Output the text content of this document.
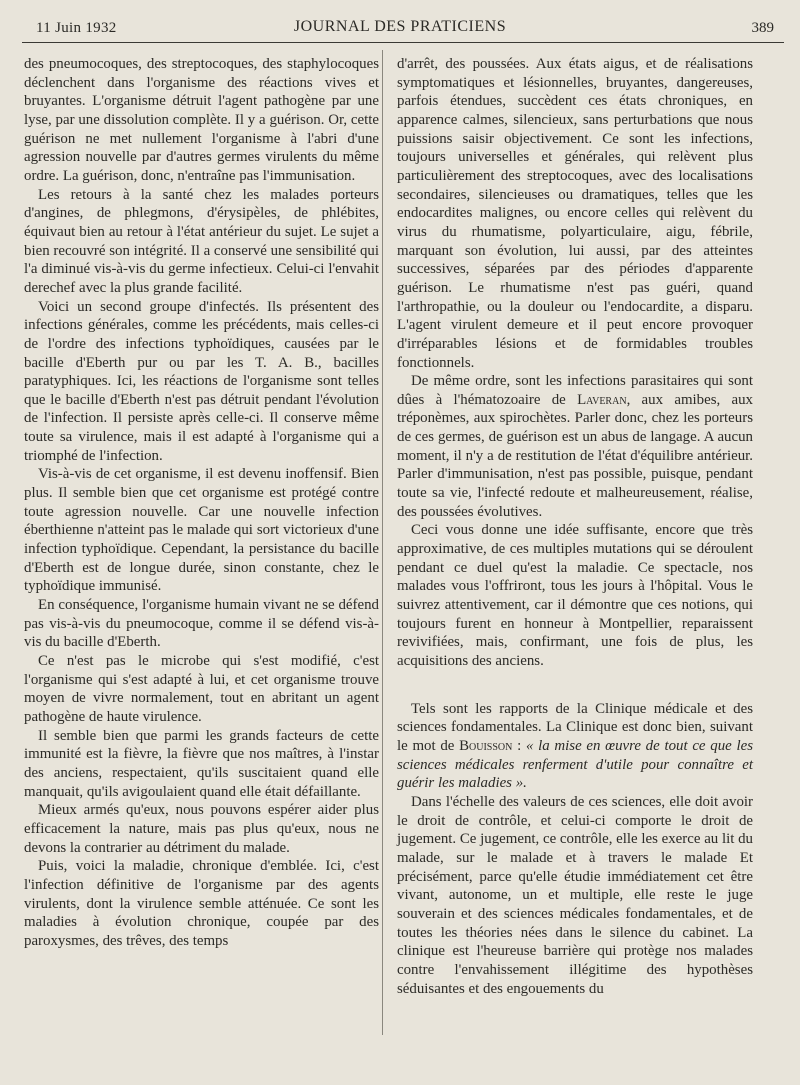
11 Juin 1932	JOURNAL DES PRATICIENS	389

des pneumocoques, des streptocoques, des staphylocoques déclenchent dans l'organisme des réactions vives et bruyantes. L'organisme détruit l'agent pathogène par une lyse, par une dissolution complète. Il y a guérison. Or, cette guérison ne met nullement l'organisme à l'abri d'une agression nouvelle par d'autres germes virulents du même ordre. La guérison, donc, n'entraîne pas l'immunisation.

Les retours à la santé chez les malades porteurs d'angines, de phlegmons, d'érysipèles, de phlébites, équivaut bien au retour à l'état antérieur du sujet. Le sujet a bien recouvré son intégrité. Il a conservé une sensibilité qui l'a diminué vis-à-vis du germe infectieux. Celui-ci l'envahit derechef avec la plus grande facilité.

Voici un second groupe d'infectés. Ils présentent des infections générales, comme les précédents, mais celles-ci de l'ordre des infections typhoïdiques, causées par le bacille d'Eberth pur ou par les T. A. B., bacilles paratyphiques. Ici, les réactions de l'organisme sont telles que le bacille d'Eberth n'est pas détruit pendant l'évolution de l'infection. Il persiste après celle-ci. Il conserve même toute sa virulence, mais il est adapté à l'organisme qui a triomphé de l'infection.

Vis-à-vis de cet organisme, il est devenu inoffensif. Bien plus. Il semble bien que cet organisme est protégé contre toute agression nouvelle. Car une nouvelle infection éberthienne n'atteint pas le malade qui sort victorieux d'une infection typhoïdique. Cependant, la persistance du bacille d'Eberth est de longue durée, sinon constante, chez le typhoïdique immunisé.

En conséquence, l'organisme humain vivant ne se défend pas vis-à-vis du pneumocoque, comme il se défend vis-à-vis du bacille d'Eberth.

Ce n'est pas le microbe qui s'est modifié, c'est l'organisme qui s'est adapté à lui, et cet organisme trouve moyen de vivre normalement, tout en abritant un agent pathogène de haute virulence.

Il semble bien que parmi les grands facteurs de cette immunité est la fièvre, la fièvre que nos maîtres, à l'instar des anciens, respectaient, qu'ils suscitaient quand elle manquait, qu'ils avigoulaient quand elle était défaillante.

Mieux armés qu'eux, nous pouvons espérer aider plus efficacement la nature, mais pas plus qu'eux, nous ne devons la contrarier au détriment du malade.

Puis, voici la maladie, chronique d'emblée. Ici, c'est l'infection définitive de l'organisme par des agents virulents, dont la virulence semble atténuée. Ce sont les maladies à évolution chronique, coupée par des paroxysmes, des trêves, des temps

d'arrêt, des poussées. Aux états aigus, et de réalisations symptomatiques et lésionnelles, bruyantes, dangereuses, parfois étendues, succèdent ces états chroniques, en apparence calmes, silencieux, sans perturbations que nous puissions saisir objectivement. Ce sont les infections, toujours universelles et générales, qui relèvent plus particulièrement des streptocoques, avec des localisations secondaires, silencieuses ou dramatiques, telles que les endocardites malignes, ou encore celles qui relèvent du virus du rhumatisme, polyarticulaire, aigu, fébrile, marquant son évolution, lui aussi, par des atteintes successives, séparées par des périodes d'apparente guérison. Le rhumatisme n'est pas guéri, quand l'arthropathie, ou la douleur ou l'endocardite, a disparu. L'agent virulent demeure et il peut encore provoquer d'irréparables lésions et de formidables troubles fonctionnels.

De même ordre, sont les infections parasitaires qui sont dûes à l'hématozoaire de Laveran, aux amibes, aux tréponèmes, aux spirochètes. Parler donc, chez les porteurs de ces germes, de guérison est un abus de langage. A aucun moment, il n'y a de restitution de l'état d'équilibre antérieur. Parler d'immunisation, n'est pas possible, puisque, pendant toute sa vie, l'infecté redoute et malheureusement, réalise, des poussées évolutives.

Ceci vous donne une idée suffisante, encore que très approximative, de ces multiples mutations qui se déroulent pendant ce duel qu'est la maladie. Ce spectacle, nos malades vous l'offriront, tous les jours à l'hôpital. Vous le suivrez attentivement, car il démontre que ces notions, qui toujours furent en honneur à Montpellier, reparaissent revivifiées, mais, confirmant, une fois de plus, les acquisitions des anciens.

Tels sont les rapports de la Clinique médicale et des sciences fondamentales. La Clinique est donc bien, suivant le mot de Bouisson : « la mise en œuvre de tout ce que les sciences médicales renferment d'utile pour connaître et guérir les maladies ».

Dans l'échelle des valeurs de ces sciences, elle doit avoir le droit de contrôle, et celui-ci comporte le droit de jugement. Ce jugement, ce contrôle, elle les exerce au lit du malade, sur le malade et à travers le malade Et précisément, parce qu'elle étudie immédiatement cet être vivant, autonome, un et multiple, elle reste le juge souverain et des sciences médicales fondamentales, et de toutes les théories nées dans le silence du cabinet. La clinique est l'heureuse barrière qui protège nos malades contre l'envahissement illégitime des hypothèses séduisantes et des engouements du
